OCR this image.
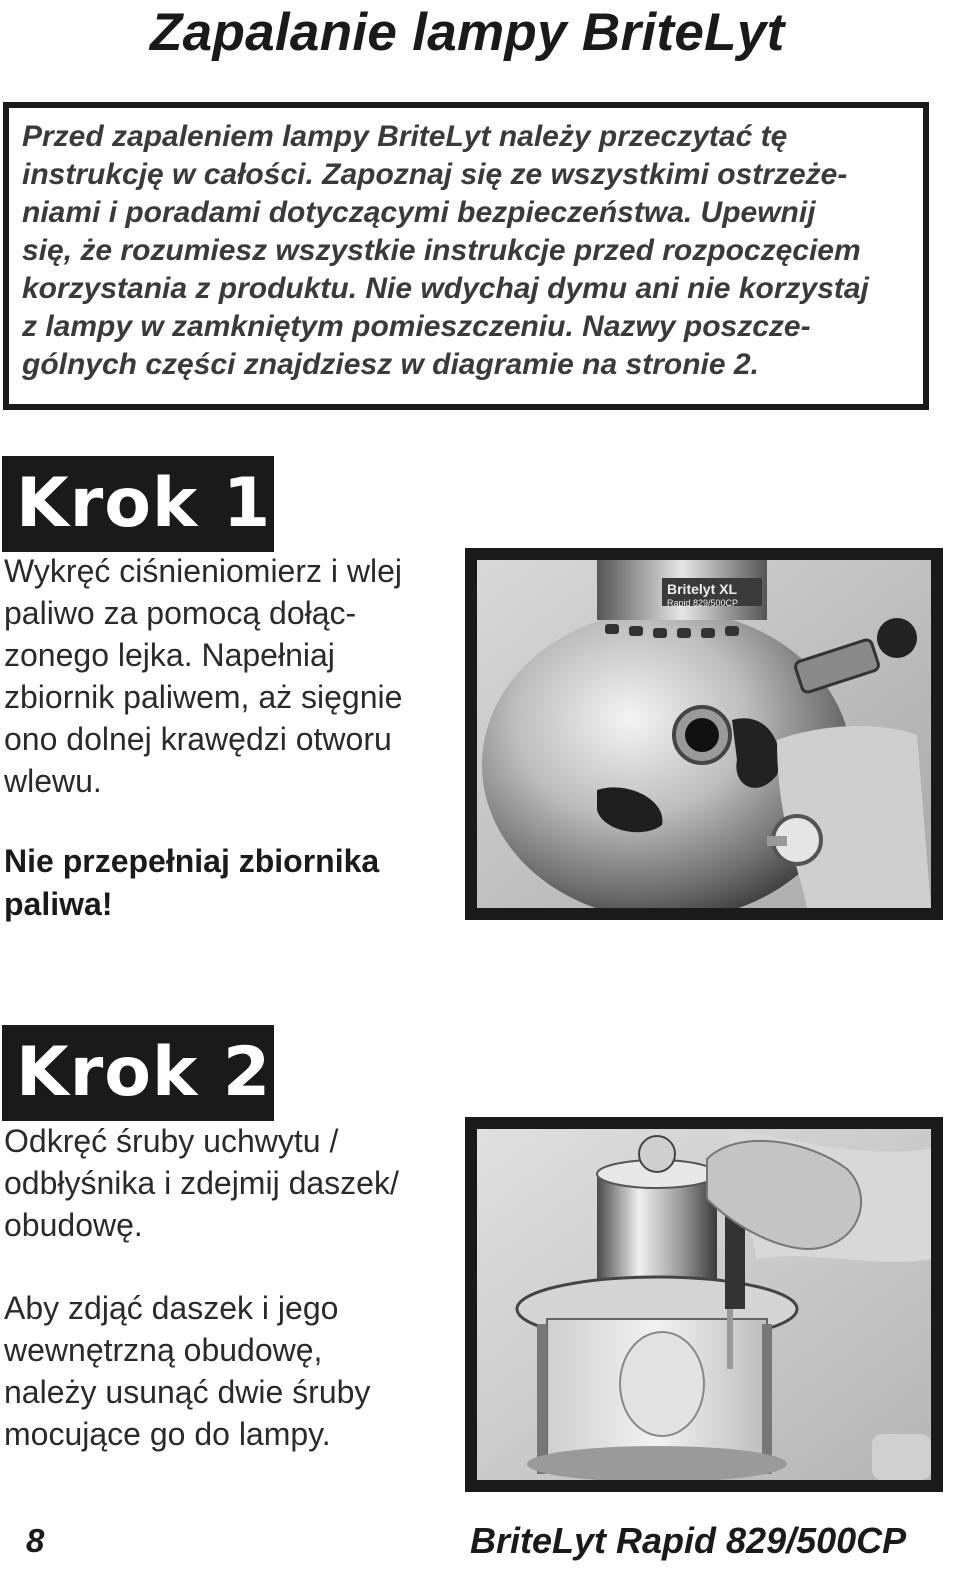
Zapalanie lampy BriteLyt

Przed zapaleniem lampy BriteLyt należy przeczytać tę

instrukcję w całości. Zapoznaj się ze wszystkimi ostrzeże-

niami i poradami dotyczącymi bezpieczeństwa. Upewnij

się, że rozumiesz wszystkie instrukcje przed rozpoczęciem

korzystania z produktu. Nie wdychaj dymu ani nie korzystaj

z lampy w zamkniętym pomieszczeniu. Nazwy poszcze-

gólnych części znajdziesz w diagramie na stronie 2.

Krok 1

Wykręć ciśnieniomierz i wlej

paliwo za pomocą dołąc-

zonego lejka. Napełniaj

zbiornik paliwem, aż sięgnie

ono dolnej krawędzi otworu

wlewu.

Nie przepełniaj zbiornika

paliwa!

Britelyt XL
Rapid 829/500CP
Krok 2

Odkręć śruby uchwytu /

odbłyśnika i zdejmij daszek/

obudowę.

Aby zdjąć daszek i jego

wewnętrzną obudowę,

należy usunąć dwie śruby

mocujące go do lampy.

8	BriteLyt Rapid 829/500CP
